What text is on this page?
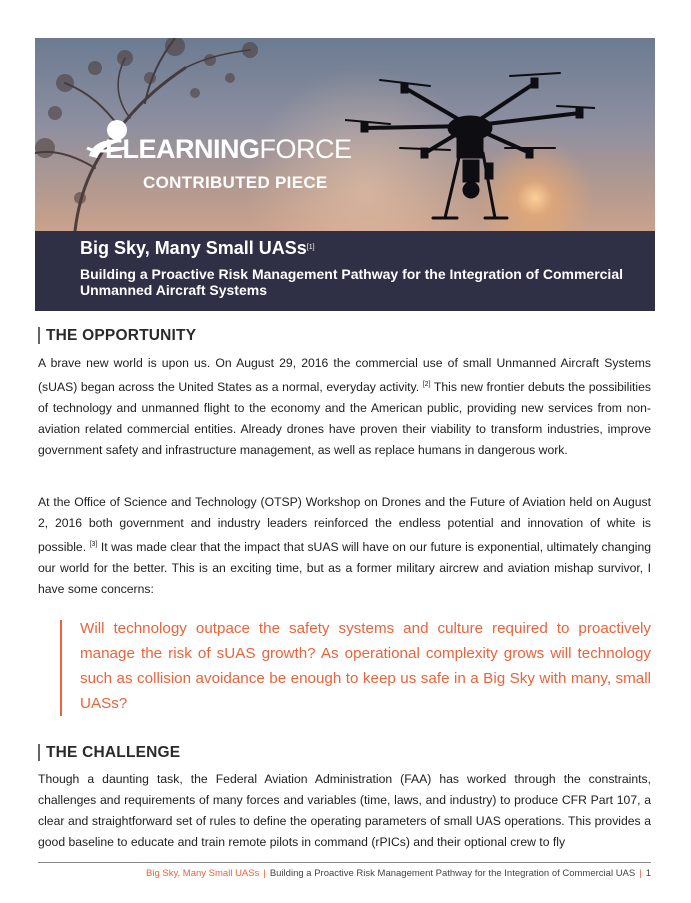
ELEARNINGFORCE
CONTRIBUTED PIECE
Big Sky, Many Small UASs[1]
Building a Proactive Risk Management Pathway for the Integration of Commercial Unmanned Aircraft Systems
THE OPPORTUNITY

A brave new world is upon us. On August 29, 2016 the commercial use of small Unmanned Aircraft Systems (sUAS) began across the United States as a normal, everyday activity. [2] This new frontier debuts the possibilities of technology and unmanned flight to the economy and the American public, providing new services from non-aviation related commercial entities. Already drones have proven their viability to transform industries, improve government safety and infrastructure management, as well as replace humans in dangerous work.

At the Office of Science and Technology (OTSP) Workshop on Drones and the Future of Aviation held on August 2, 2016 both government and industry leaders reinforced the endless potential and innovation of white is possible. [3] It was made clear that the impact that sUAS will have on our future is exponential, ultimately changing our world for the better. This is an exciting time, but as a former military aircrew and aviation mishap survivor, I have some concerns:

Will technology outpace the safety systems and culture required to proactively manage the risk of sUAS growth? As operational complexity grows will technology such as collision avoidance be enough to keep us safe in a Big Sky with many, small UASs?

THE CHALLENGE

Though a daunting task, the Federal Aviation Administration (FAA) has worked through the constraints, challenges and requirements of many forces and variables (time, laws, and industry) to produce CFR Part 107, a clear and straightforward set of rules to define the operating parameters of small UAS operations. This provides a good baseline to educate and train remote pilots in command (rPICs) and their optional crew to fly

Big Sky, Many Small UASs | Building a Proactive Risk Management Pathway for the Integration of Commercial UAS | 1
